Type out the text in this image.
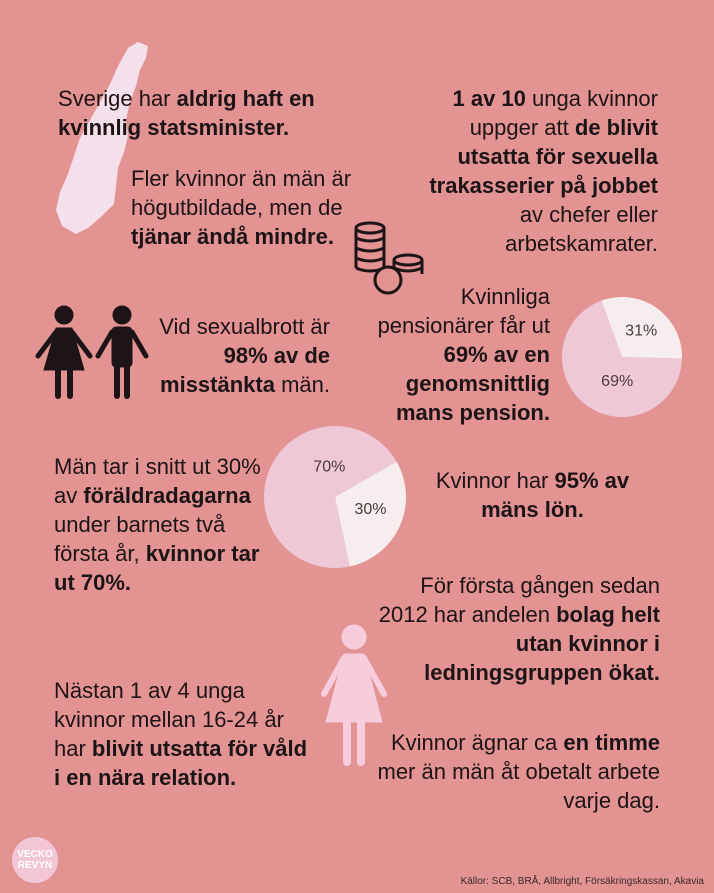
Sverige har aldrig haft en kvinnlig statsminister.
1 av 10 unga kvinnor uppger att de blivit utsatta för sexuella trakasserier på jobbet av chefer eller arbetskamrater.
Fler kvinnor än män är högutbildade, men de tjänar ändå mindre.
Vid sexualbrott är 98% av de misstänkta män.
Kvinnliga pensionärer får ut 69% av en genomsnittlig mans pension.
31%
69%
Män tar i snitt ut 30% av föräldradagarna under barnets två första år, kvinnor tar ut 70%.
30%
70%
Kvinnor har 95% av mäns lön.
För första gången sedan 2012 har andelen bolag helt utan kvinnor i ledningsgruppen ökat.
Nästan 1 av 4 unga kvinnor mellan 16-24 år har blivit utsatta för våld i en nära relation.
Kvinnor ägnar ca en timme mer än män åt obetalt arbete varje dag.
VECKO
REVYN
Källor: SCB, BRÅ, Allbright, Försäkringskassan, Akavia
